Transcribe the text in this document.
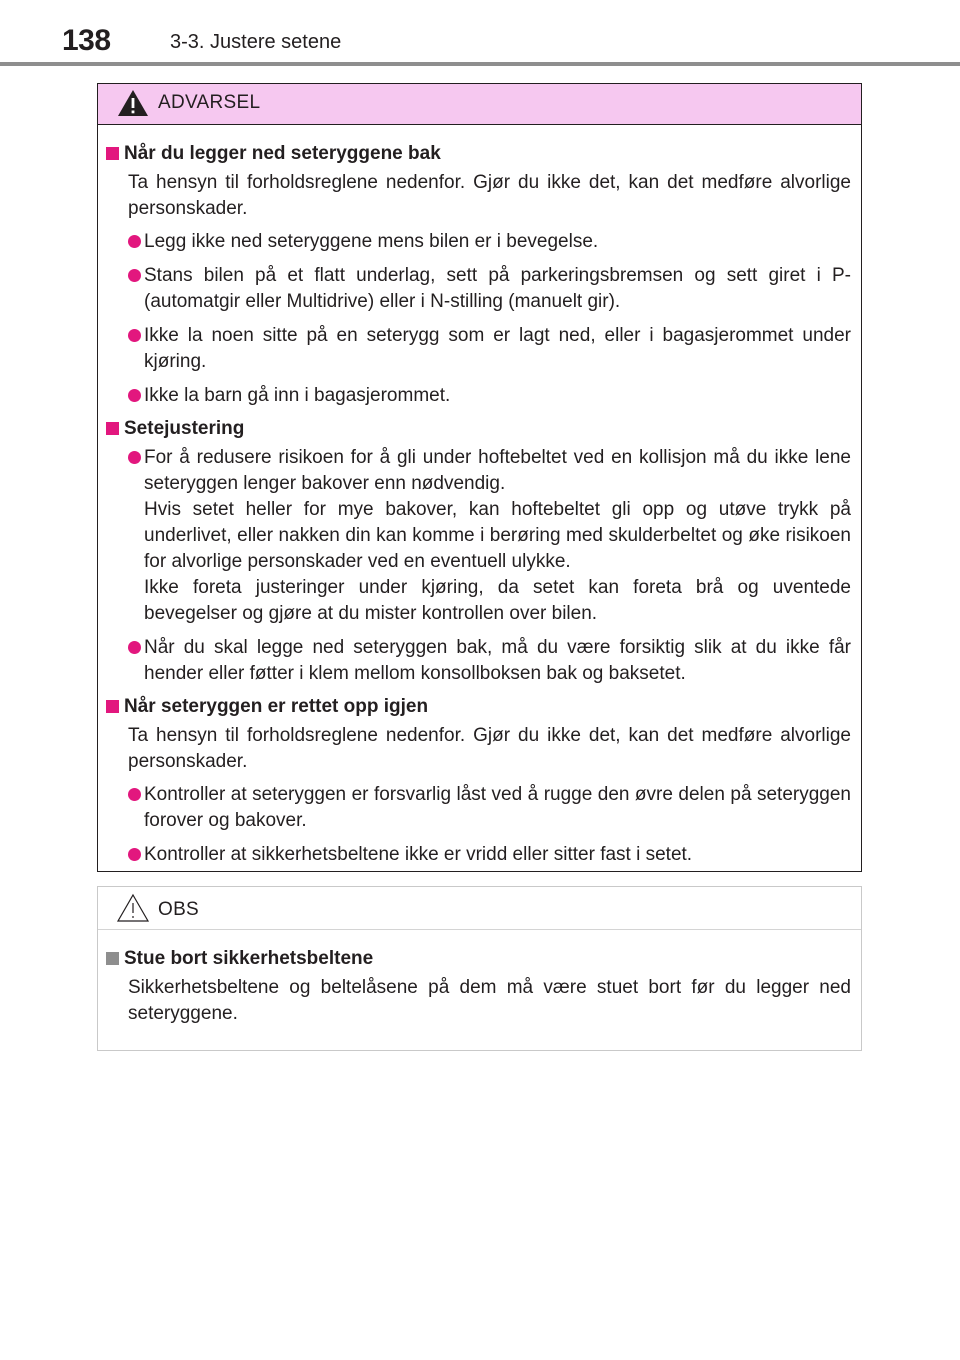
138	3-3. Justere setene
ADVARSEL
Når du legger ned seteryggene bak
Ta hensyn til forholdsreglene nedenfor. Gjør du ikke det, kan det medføre alvorlige personskader.
Legg ikke ned seteryggene mens bilen er i bevegelse.
Stans bilen på et flatt underlag, sett på parkeringsbremsen og sett giret i P- (automatgir eller Multidrive) eller i N-stilling (manuelt gir).
Ikke la noen sitte på en seterygg som er lagt ned, eller i bagasjerommet under kjøring.
Ikke la barn gå inn i bagasjerommet.
Setejustering
For å redusere risikoen for å gli under hoftebeltet ved en kollisjon må du ikke lene seteryggen lenger bakover enn nødvendig.
Hvis setet heller for mye bakover, kan hoftebeltet gli opp og utøve trykk på underlivet, eller nakken din kan komme i berøring med skulderbeltet og øke risikoen for alvorlige personskader ved en eventuell ulykke.
Ikke foreta justeringer under kjøring, da setet kan foreta brå og uventede bevegelser og gjøre at du mister kontrollen over bilen.
Når du skal legge ned seteryggen bak, må du være forsiktig slik at du ikke får hender eller føtter i klem mellom konsollboksen bak og baksetet.
Når seteryggen er rettet opp igjen
Ta hensyn til forholdsreglene nedenfor. Gjør du ikke det, kan det medføre alvorlige personskader.
Kontroller at seteryggen er forsvarlig låst ved å rugge den øvre delen på seteryggen forover og bakover.
Kontroller at sikkerhetsbeltene ikke er vridd eller sitter fast i setet.
OBS
Stue bort sikkerhetsbeltene
Sikkerhetsbeltene og beltelåsene på dem må være stuet bort før du legger ned seteryggene.
